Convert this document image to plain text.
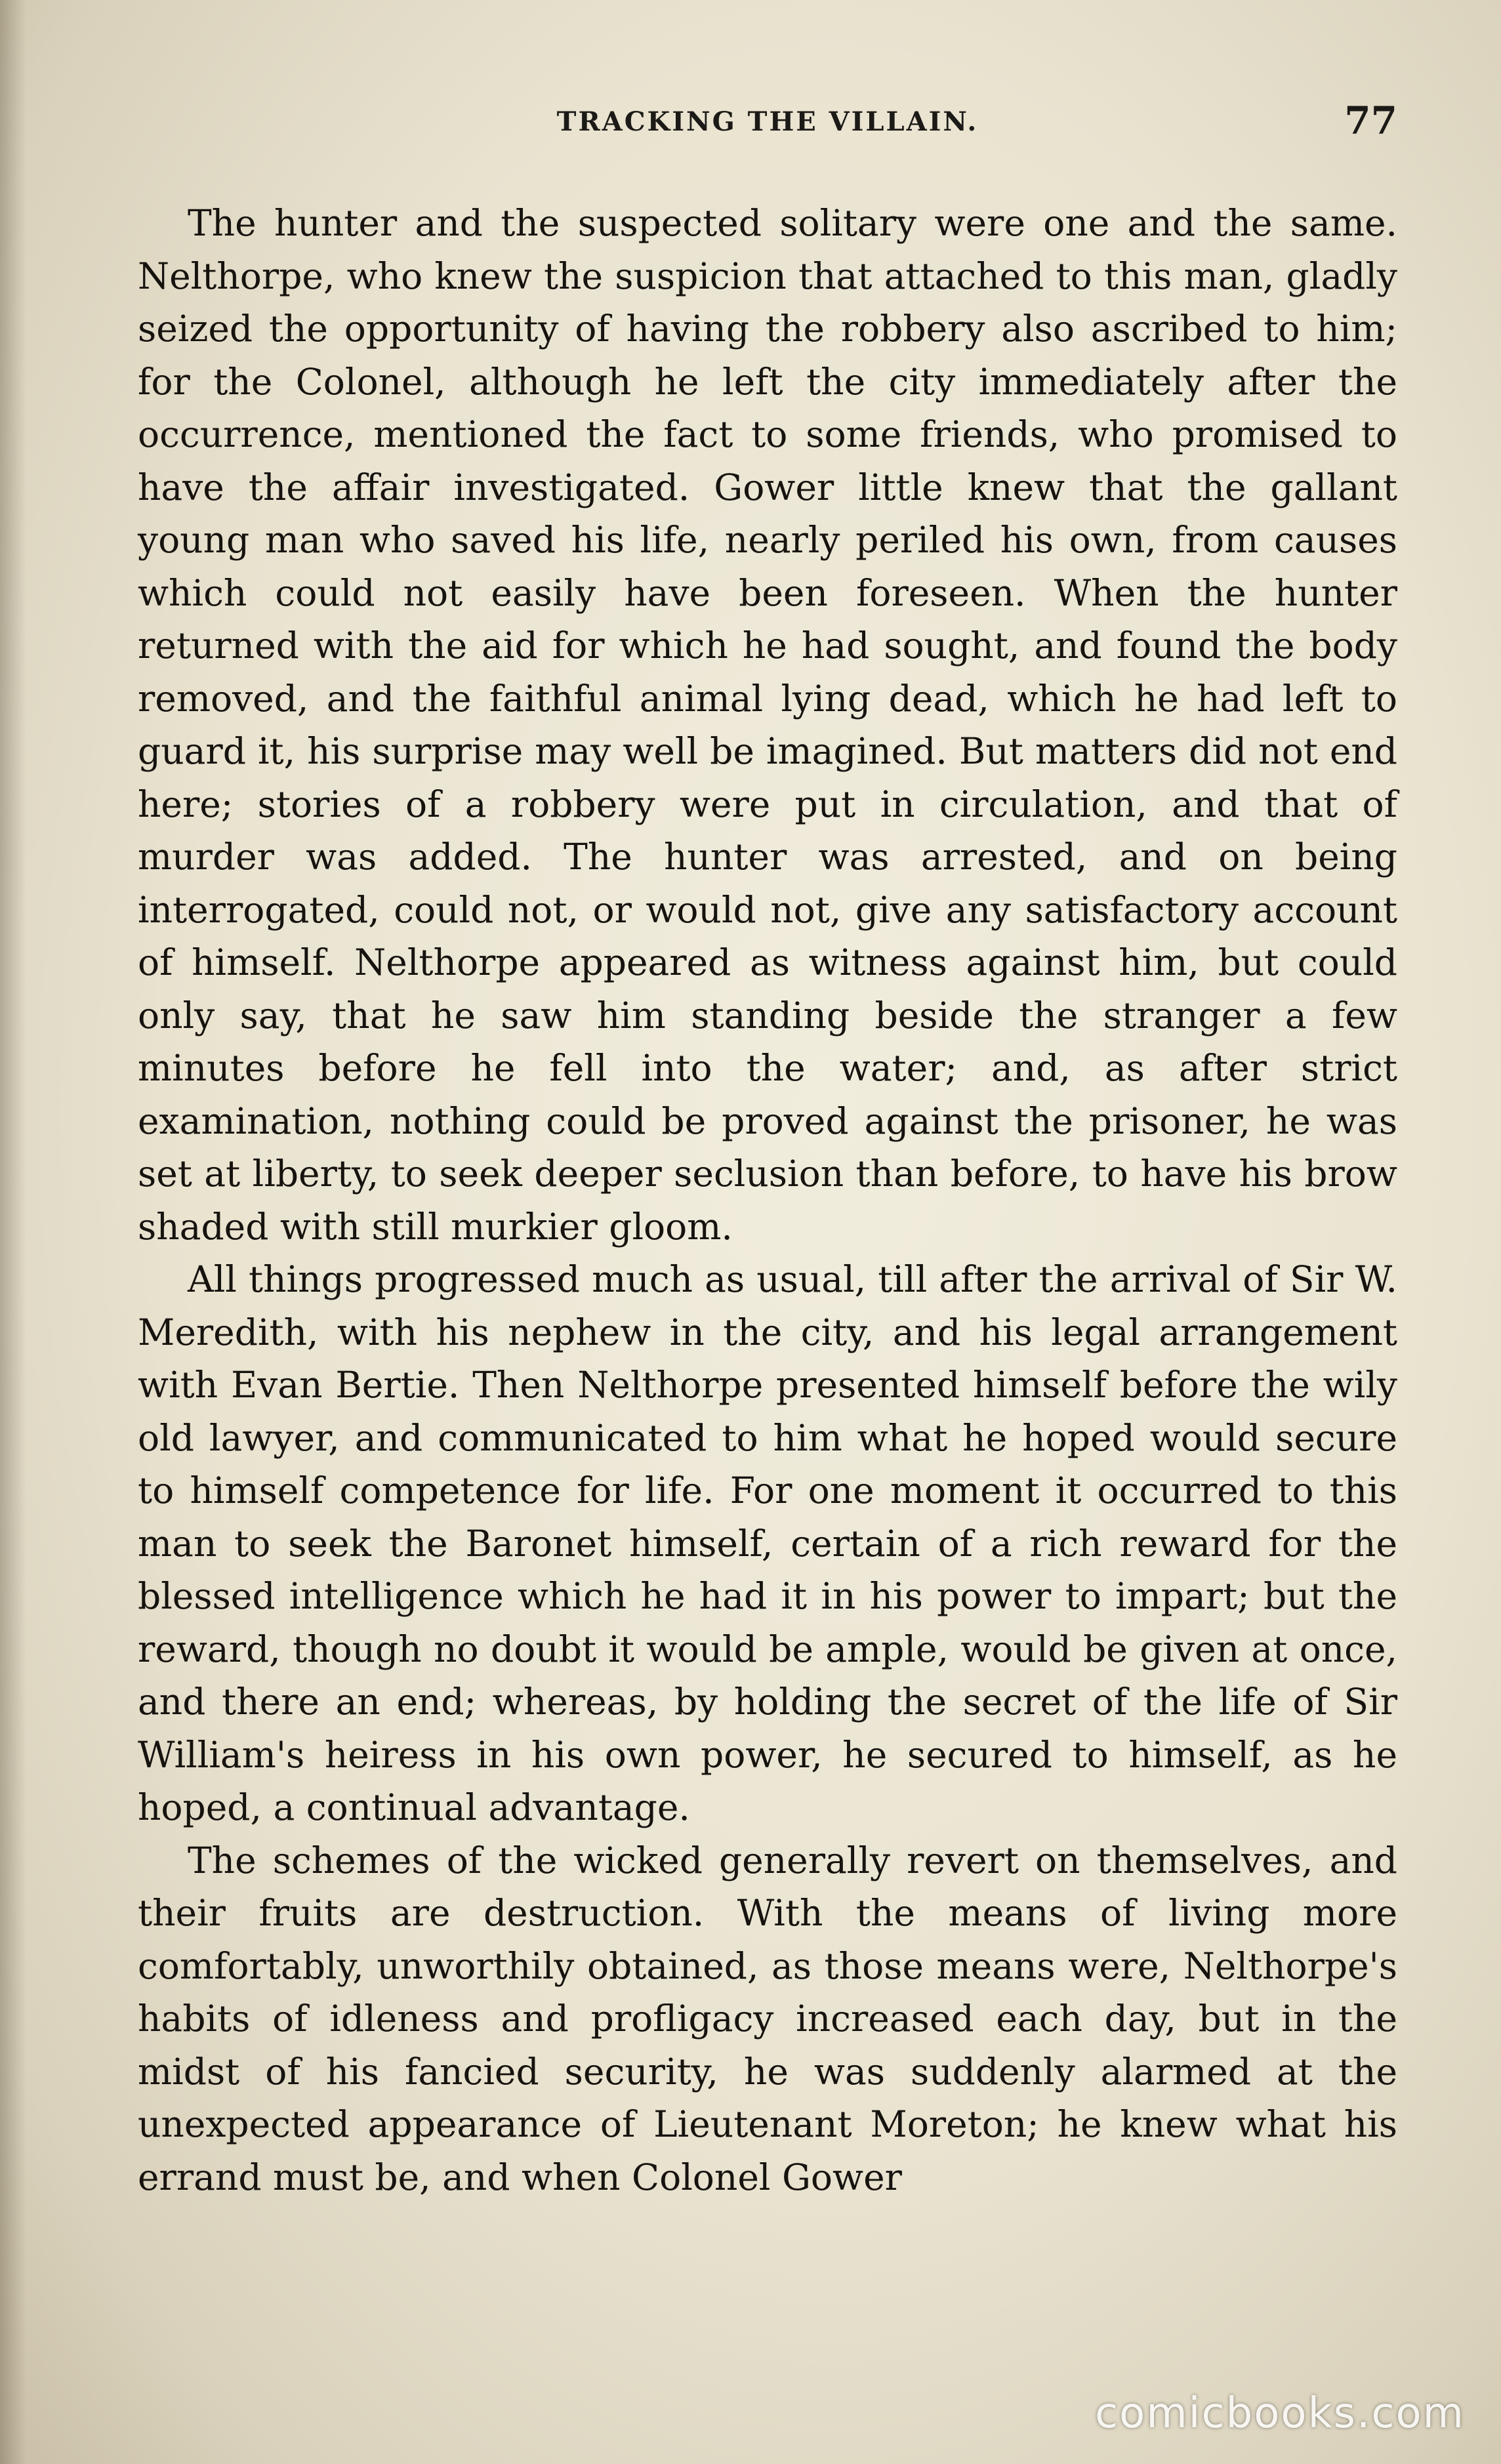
TRACKING THE VILLAIN.	77

The hunter and the suspected solitary were one and the same. Nelthorpe, who knew the suspicion that attached to this man, gladly seized the opportunity of having the robbery also ascribed to him; for the Colonel, although he left the city immediately after the occurrence, mentioned the fact to some friends, who promised to have the affair investigated. Gower little knew that the gallant young man who saved his life, nearly periled his own, from causes which could not easily have been foreseen. When the hunter returned with the aid for which he had sought, and found the body removed, and the faithful animal lying dead, which he had left to guard it, his surprise may well be imagined. But matters did not end here; stories of a robbery were put in circulation, and that of murder was added. The hunter was arrested, and on being interrogated, could not, or would not, give any satisfactory account of himself. Nelthorpe appeared as witness against him, but could only say, that he saw him standing beside the stranger a few minutes before he fell into the water; and, as after strict examination, nothing could be proved against the prisoner, he was set at liberty, to seek deeper seclusion than before, to have his brow shaded with still murkier gloom.

All things progressed much as usual, till after the arrival of Sir W. Meredith, with his nephew in the city, and his legal arrangement with Evan Bertie. Then Nelthorpe presented himself before the wily old lawyer, and communicated to him what he hoped would secure to himself competence for life. For one moment it occurred to this man to seek the Baronet himself, certain of a rich reward for the blessed intelligence which he had it in his power to impart; but the reward, though no doubt it would be ample, would be given at once, and there an end; whereas, by holding the secret of the life of Sir William's heiress in his own power, he secured to himself, as he hoped, a continual advantage.

The schemes of the wicked generally revert on themselves, and their fruits are destruction. With the means of living more comfortably, unworthily obtained, as those means were, Nelthorpe's habits of idleness and profligacy increased each day, but in the midst of his fancied security, he was suddenly alarmed at the unexpected appearance of Lieutenant Moreton; he knew what his errand must be, and when Colonel Gower

comicbooks.com
